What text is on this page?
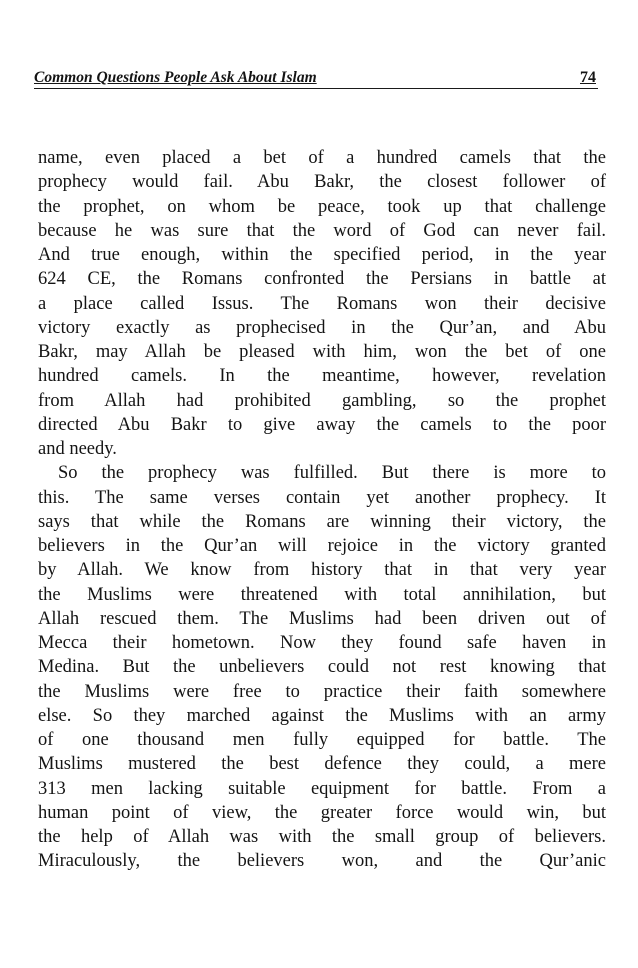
Common Questions People Ask About Islam	74
name, even placed a bet of a hundred camels that the
prophecy would fail. Abu Bakr, the closest follower of
the prophet, on whom be peace, took up that challenge
because he was sure that the word of God can never fail.
And true enough, within the specified period, in the year
624 CE, the Romans confronted the Persians in battle at
a place called Issus. The Romans won their decisive
victory exactly as prophecised in the Qur’an, and Abu
Bakr, may Allah be pleased with him, won the bet of one
hundred camels. In the meantime, however, revelation
from Allah had prohibited gambling, so the prophet
directed Abu Bakr to give away the camels to the poor
and needy.
So the prophecy was fulfilled. But there is more to
this. The same verses contain yet another prophecy. It
says that while the Romans are winning their victory, the
believers in the Qur’an will rejoice in the victory granted
by Allah. We know from history that in that very year
the Muslims were threatened with total annihilation, but
Allah rescued them. The Muslims had been driven out of
Mecca their hometown. Now they found safe haven in
Medina. But the unbelievers could not rest knowing that
the Muslims were free to practice their faith somewhere
else. So they marched against the Muslims with an army
of one thousand men fully equipped for battle. The
Muslims mustered the best defence they could, a mere
313 men lacking suitable equipment for battle. From a
human point of view, the greater force would win, but
the help of Allah was with the small group of believers.
Miraculously, the believers won, and the Qur’anic
